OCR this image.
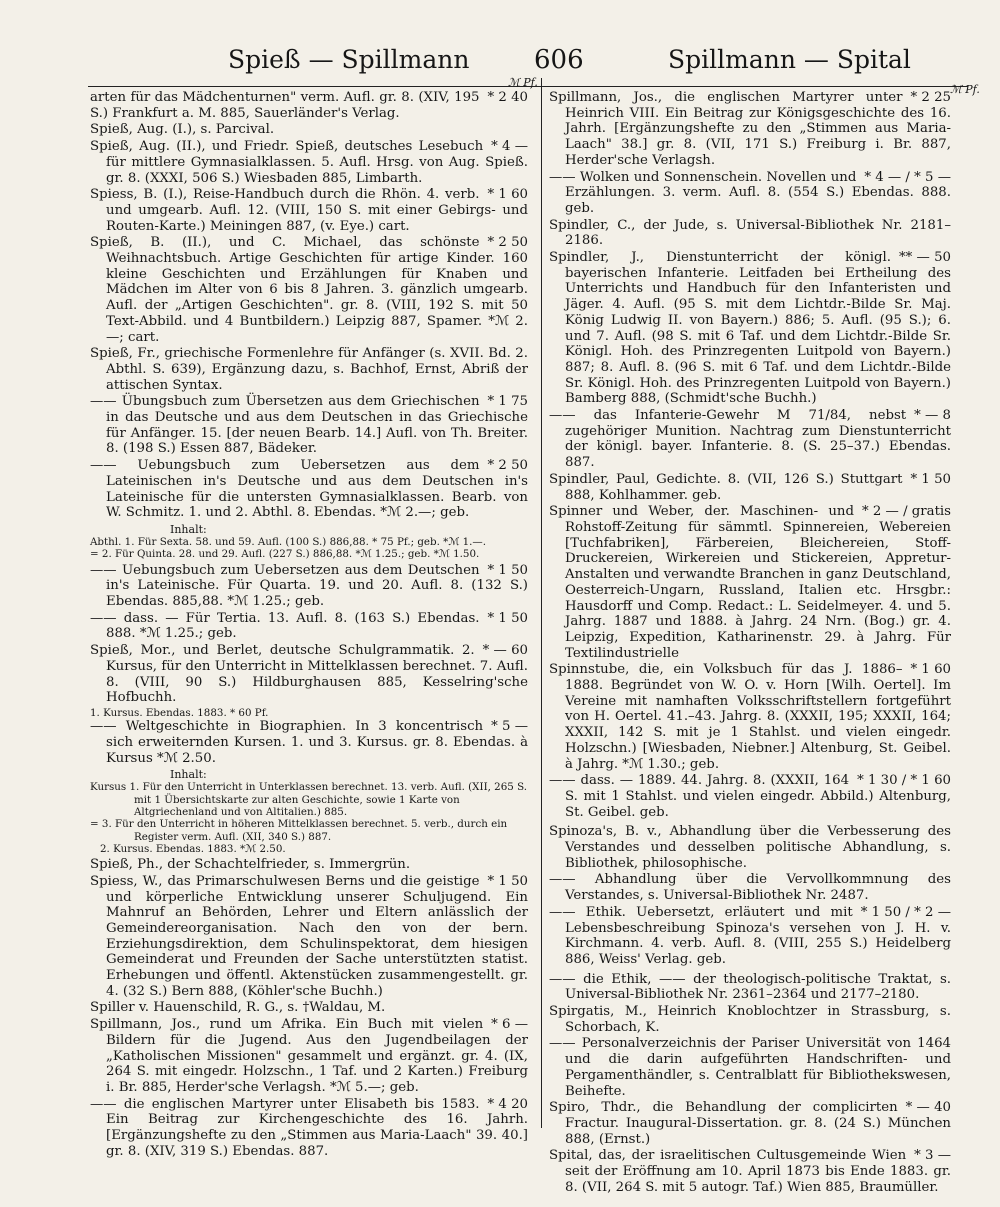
Spieß — Spillmann 606	Spillmann — Spital
ℳ Pf.
ℳ Pf.

* 2 40
arten für das Mädchenturnen" verm. Aufl. gr. 8. (XIV, 195 S.) Frankfurt a. M. 885, Sauerländer's Verlag.

Spieß, Aug. (I.), s. Parcival.

* 4 —
Spieß, Aug. (II.), und Friedr. Spieß, deutsches Lesebuch für mittlere Gymnasialklassen. 5. Aufl. Hrsg. von Aug. Spieß. gr. 8. (XXXI, 506 S.) Wiesbaden 885, Limbarth.

* 1 60
Spiess, B. (I.), Reise-Handbuch durch die Rhön. 4. verb. und umgearb. Aufl. 12. (VIII, 150 S. mit einer Gebirgs- und Routen-Karte.) Meiningen 887, (v. Eye.) cart.

* 2 50
Spieß, B. (II.), und C. Michael, das schönste Weihnachtsbuch. Artige Geschichten für artige Kinder. 160 kleine Geschichten und Erzählungen für Knaben und Mädchen im Alter von 6 bis 8 Jahren. 3. gänzlich umgearb. Aufl. der „Artigen Geschichten". gr. 8. (VIII, 192 S. mit 50 Text-Abbild. und 4 Buntbildern.) Leipzig 887, Spamer. *ℳ 2.—; cart.

Spieß, Fr., griechische Formenlehre für Anfänger (s. XVII. Bd. 2. Abthl. S. 639), Ergänzung dazu, s. Bachhof, Ernst, Abriß der attischen Syntax.

* 1 75
—— Übungsbuch zum Übersetzen aus dem Griechischen in das Deutsche und aus dem Deutschen in das Griechische für Anfänger. 15. [der neuen Bearb. 14.] Aufl. von Th. Breiter. 8. (198 S.) Essen 887, Bädeker.

* 2 50
—— Uebungsbuch zum Uebersetzen aus dem Lateinischen in's Deutsche und aus dem Deutschen in's Lateinische für die untersten Gymnasialklassen. Bearb. von W. Schmitz. 1. und 2. Abthl. 8. Ebendas. *ℳ 2.—; geb.

Inhalt:
Abthl. 1. Für Sexta. 58. und 59. Aufl. (100 S.) 886,88. * 75 Pf.; geb. *ℳ 1.—.
= 2. Für Quinta. 28. und 29. Aufl. (227 S.) 886,88. *ℳ 1.25.; geb. *ℳ 1.50.

* 1 50
—— Uebungsbuch zum Uebersetzen aus dem Deutschen in's Lateinische. Für Quarta. 19. und 20. Aufl. 8. (132 S.) Ebendas. 885,88. *ℳ 1.25.; geb.

* 1 50
—— dass. — Für Tertia. 13. Aufl. 8. (163 S.) Ebendas. 888. *ℳ 1.25.; geb.

* — 60
Spieß, Mor., und Berlet, deutsche Schulgrammatik. 2. Kursus, für den Unterricht in Mittelklassen berechnet. 7. Aufl. 8. (VIII, 90 S.) Hildburghausen 885, Kesselring'sche Hofbuchh.

1. Kursus. Ebendas. 1883. * 60 Pf.

* 5 —
—— Weltgeschichte in Biographien. In 3 koncentrisch sich erweiternden Kursen. 1. und 3. Kursus. gr. 8. Ebendas. à Kursus *ℳ 2.50.

Inhalt:
Kursus 1. Für den Unterricht in Unterklassen berechnet. 13. verb. Aufl. (XII, 265 S. mit 1 Übersichtskarte zur alten Geschichte, sowie 1 Karte von Altgriechenland und von Altitalien.) 885.
= 3. Für den Unterricht in höheren Mittelklassen berechnet. 5. verb., durch ein Register verm. Aufl. (XII, 340 S.) 887.
2. Kursus. Ebendas. 1883. *ℳ 2.50.

Spieß, Ph., der Schachtelfrieder, s. Immergrün.

* 1 50
Spiess, W., das Primarschulwesen Berns und die geistige und körperliche Entwicklung unserer Schuljugend. Ein Mahnruf an Behörden, Lehrer und Eltern anlässlich der Gemeindereorganisation. Nach den von der bern. Erziehungsdirektion, dem Schulinspektorat, dem hiesigen Gemeinderat und Freunden der Sache unterstützten statist. Erhebungen und öffentl. Aktenstücken zusammengestellt. gr. 4. (32 S.) Bern 888, (Köhler'sche Buchh.)

Spiller v. Hauenschild, R. G., s. †Waldau, M.

* 6 —
Spillmann, Jos., rund um Afrika. Ein Buch mit vielen Bildern für die Jugend. Aus den Jugendbeilagen der „Katholischen Missionen" gesammelt und ergänzt. gr. 4. (IX, 264 S. mit eingedr. Holzschn., 1 Taf. und 2 Karten.) Freiburg i. Br. 885, Herder'sche Verlagsh. *ℳ 5.—; geb.

* 4 20
—— die englischen Martyrer unter Elisabeth bis 1583. Ein Beitrag zur Kirchengeschichte des 16. Jahrh. [Ergänzungshefte zu den „Stimmen aus Maria-Laach" 39. 40.] gr. 8. (XIV, 319 S.) Ebendas. 887.

* 2 25
Spillmann, Jos., die englischen Martyrer unter Heinrich VIII. Ein Beitrag zur Königsgeschichte des 16. Jahrh. [Ergänzungshefte zu den „Stimmen aus Maria-Laach" 38.] gr. 8. (VII, 171 S.) Freiburg i. Br. 887, Herder'sche Verlagsh.

* 4 — / * 5 —
—— Wolken und Sonnenschein. Novellen und Erzählungen. 3. verm. Aufl. 8. (554 S.) Ebendas. 888. geb.

Spindler, C., der Jude, s. Universal-Bibliothek Nr. 2181–2186.

** — 50
Spindler, J., Dienstunterricht der königl. bayerischen Infanterie. Leitfaden bei Ertheilung des Unterrichts und Handbuch für den Infanteristen und Jäger. 4. Aufl. (95 S. mit dem Lichtdr.-Bilde Sr. Maj. König Ludwig II. von Bayern.) 886; 5. Aufl. (95 S.); 6. und 7. Aufl. (98 S. mit 6 Taf. und dem Lichtdr.-Bilde Sr. Königl. Hoh. des Prinzregenten Luitpold von Bayern.) 887; 8. Aufl. 8. (96 S. mit 6 Taf. und dem Lichtdr.-Bilde Sr. Königl. Hoh. des Prinzregenten Luitpold von Bayern.) Bamberg 888, (Schmidt'sche Buchh.)

* — 8
—— das Infanterie-Gewehr M 71/84, nebst zugehöriger Munition. Nachtrag zum Dienstunterricht der königl. bayer. Infanterie. 8. (S. 25–37.) Ebendas. 887.

* 1 50
Spindler, Paul, Gedichte. 8. (VII, 126 S.) Stuttgart 888, Kohlhammer. geb.

* 2 — / gratis
Spinner und Weber, der. Maschinen- und Rohstoff-Zeitung für sämmtl. Spinnereien, Webereien [Tuchfabriken], Färbereien, Bleichereien, Stoff-Druckereien, Wirkereien und Stickereien, Appretur-Anstalten und verwandte Branchen in ganz Deutschland, Oesterreich-Ungarn, Russland, Italien etc. Hrsgbr.: Hausdorff und Comp. Redact.: L. Seidelmeyer. 4. und 5. Jahrg. 1887 und 1888. à Jahrg. 24 Nrn. (Bog.) gr. 4. Leipzig, Expedition, Katharinenstr. 29. à Jahrg. Für Textilindustrielle

* 1 60
Spinnstube, die, ein Volksbuch für das J. 1886–1888. Begründet von W. O. v. Horn [Wilh. Oertel]. Im Vereine mit namhaften Volksschriftstellern fortgeführt von H. Oertel. 41.–43. Jahrg. 8. (XXXII, 195; XXXII, 164; XXXII, 142 S. mit je 1 Stahlst. und vielen eingedr. Holzschn.) [Wiesbaden, Niebner.] Altenburg, St. Geibel. à Jahrg. *ℳ 1.30.; geb.

* 1 30 / * 1 60
—— dass. — 1889. 44. Jahrg. 8. (XXXII, 164 S. mit 1 Stahlst. und vielen eingedr. Abbild.) Altenburg, St. Geibel. geb.

Spinoza's, B. v., Abhandlung über die Verbesserung des Verstandes und desselben politische Abhandlung, s. Bibliothek, philosophische.

—— Abhandlung über die Vervollkommnung des Verstandes, s. Universal-Bibliothek Nr. 2487.

* 1 50 / * 2 —
—— Ethik. Uebersetzt, erläutert und mit Lebensbeschreibung Spinoza's versehen von J. H. v. Kirchmann. 4. verb. Aufl. 8. (VIII, 255 S.) Heidelberg 886, Weiss' Verlag. geb.

—— die Ethik, —— der theologisch-politische Traktat, s. Universal-Bibliothek Nr. 2361–2364 und 2177–2180.

Spirgatis, M., Heinrich Knoblochtzer in Strassburg, s. Schorbach, K.

—— Personalverzeichnis der Pariser Universität von 1464 und die darin aufgeführten Handschriften- und Pergamenthändler, s. Centralblatt für Bibliothekswesen, Beihefte.

* — 40
Spiro, Thdr., die Behandlung der complicirten Fractur. Inaugural-Dissertation. gr. 8. (24 S.) München 888, (Ernst.)

* 3 —
Spital, das, der israelitischen Cultusgemeinde Wien seit der Eröffnung am 10. April 1873 bis Ende 1883. gr. 8. (VII, 264 S. mit 5 autogr. Taf.) Wien 885, Braumüller.
